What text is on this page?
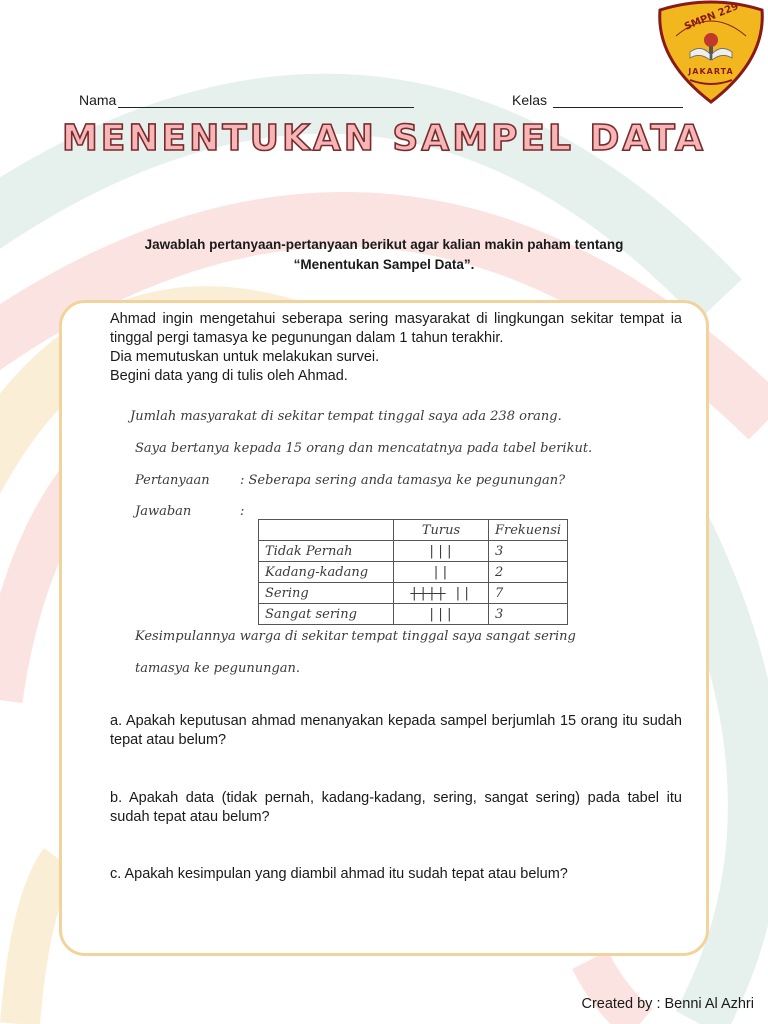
SMPN 229
JAKARTA
Nama	Kelas
MENENTUKAN SAMPEL DATA
Jawablah pertanyaan-pertanyaan berikut agar kalian makin paham tentang
“Menentukan Sampel Data”.

Ahmad ingin mengetahui seberapa sering masyarakat di lingkungan sekitar tempat ia tinggal pergi tamasya ke pegunungan dalam 1 tahun terakhir.

Dia memutuskan untuk melakukan survei.

Begini data yang di tulis oleh Ahmad.

Jumlah masyarakat di sekitar tempat tinggal saya ada 238 orang.
Saya bertanya kepada 15 orang dan mencatatnya pada tabel berikut.
Pertanyaan : Seberapa sering anda tamasya ke pegunungan?
Jawaban	:
	Turus	Frekuensi
Tidak Pernah	|||	3
Kadang-kadang	||	2
Sering	|||| ||	7
Sangat sering	|||	3
Kesimpulannya warga di sekitar tempat tinggal saya sangat sering
tamasya ke pegunungan.
a. Apakah keputusan ahmad menanyakan kepada sampel berjumlah 15 orang itu sudah tepat atau belum?
b. Apakah data (tidak pernah, kadang-kadang, sering, sangat sering) pada tabel itu sudah tepat atau belum?
c. Apakah kesimpulan yang diambil ahmad itu sudah tepat atau belum?
Created by : Benni Al Azhri
